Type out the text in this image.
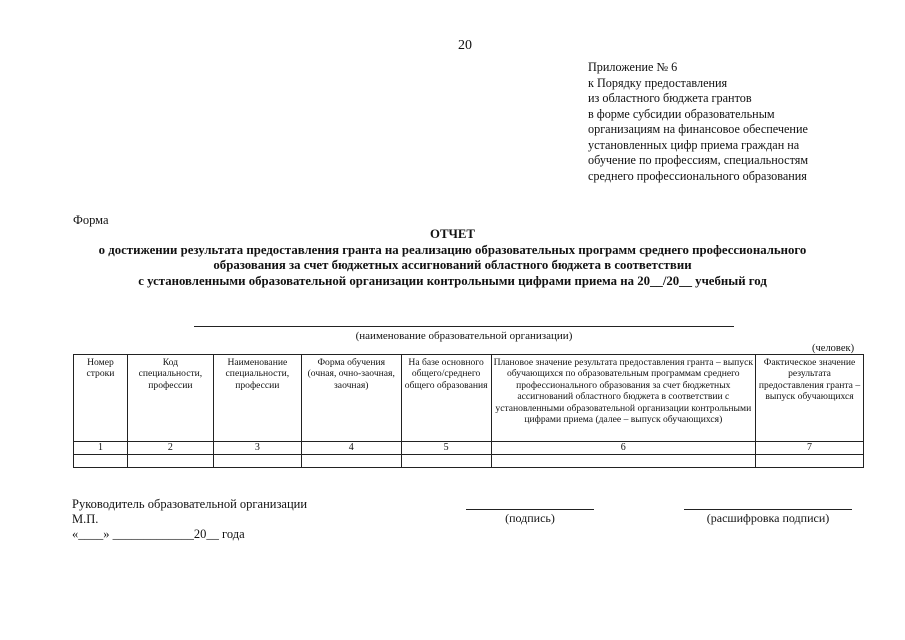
20
Приложение № 6
к Порядку предоставления
из областного бюджета грантов
в форме субсидии образовательным
организациям на финансовое обеспечение
установленных цифр приема граждан на
обучение по профессиям, специальностям
среднего профессионального образования
Форма
ОТЧЕТ
о достижении результата предоставления гранта на реализацию образовательных программ среднего профессионального
образования за счет бюджетных ассигнований областного бюджета в соответствии
с установленными образовательной организации контрольными цифрами приема на 20__/20__ учебный год
(наименование образовательной организации)
(человек)
Номер строки	Код специальности, профессии	Наименование специальности, профессии	Форма обучения (очная, очно-заочная, заочная)	На базе основного общего/среднего общего образования	Плановое значение результата предоставления гранта – выпуск обучающихся по образовательным программам среднего профессионального образования за счет бюджетных ассигнований областного бюджета в соответствии с установленными образовательной организации контрольными цифрами приема (далее – выпуск обучающихся)	Фактическое значение результата предоставления гранта – выпуск обучающихся
1	2	3	4	5	6	7

Руководитель образовательной организации
М.П.
«____» _____________20__ года
(подпись)	(расшифровка подписи)
